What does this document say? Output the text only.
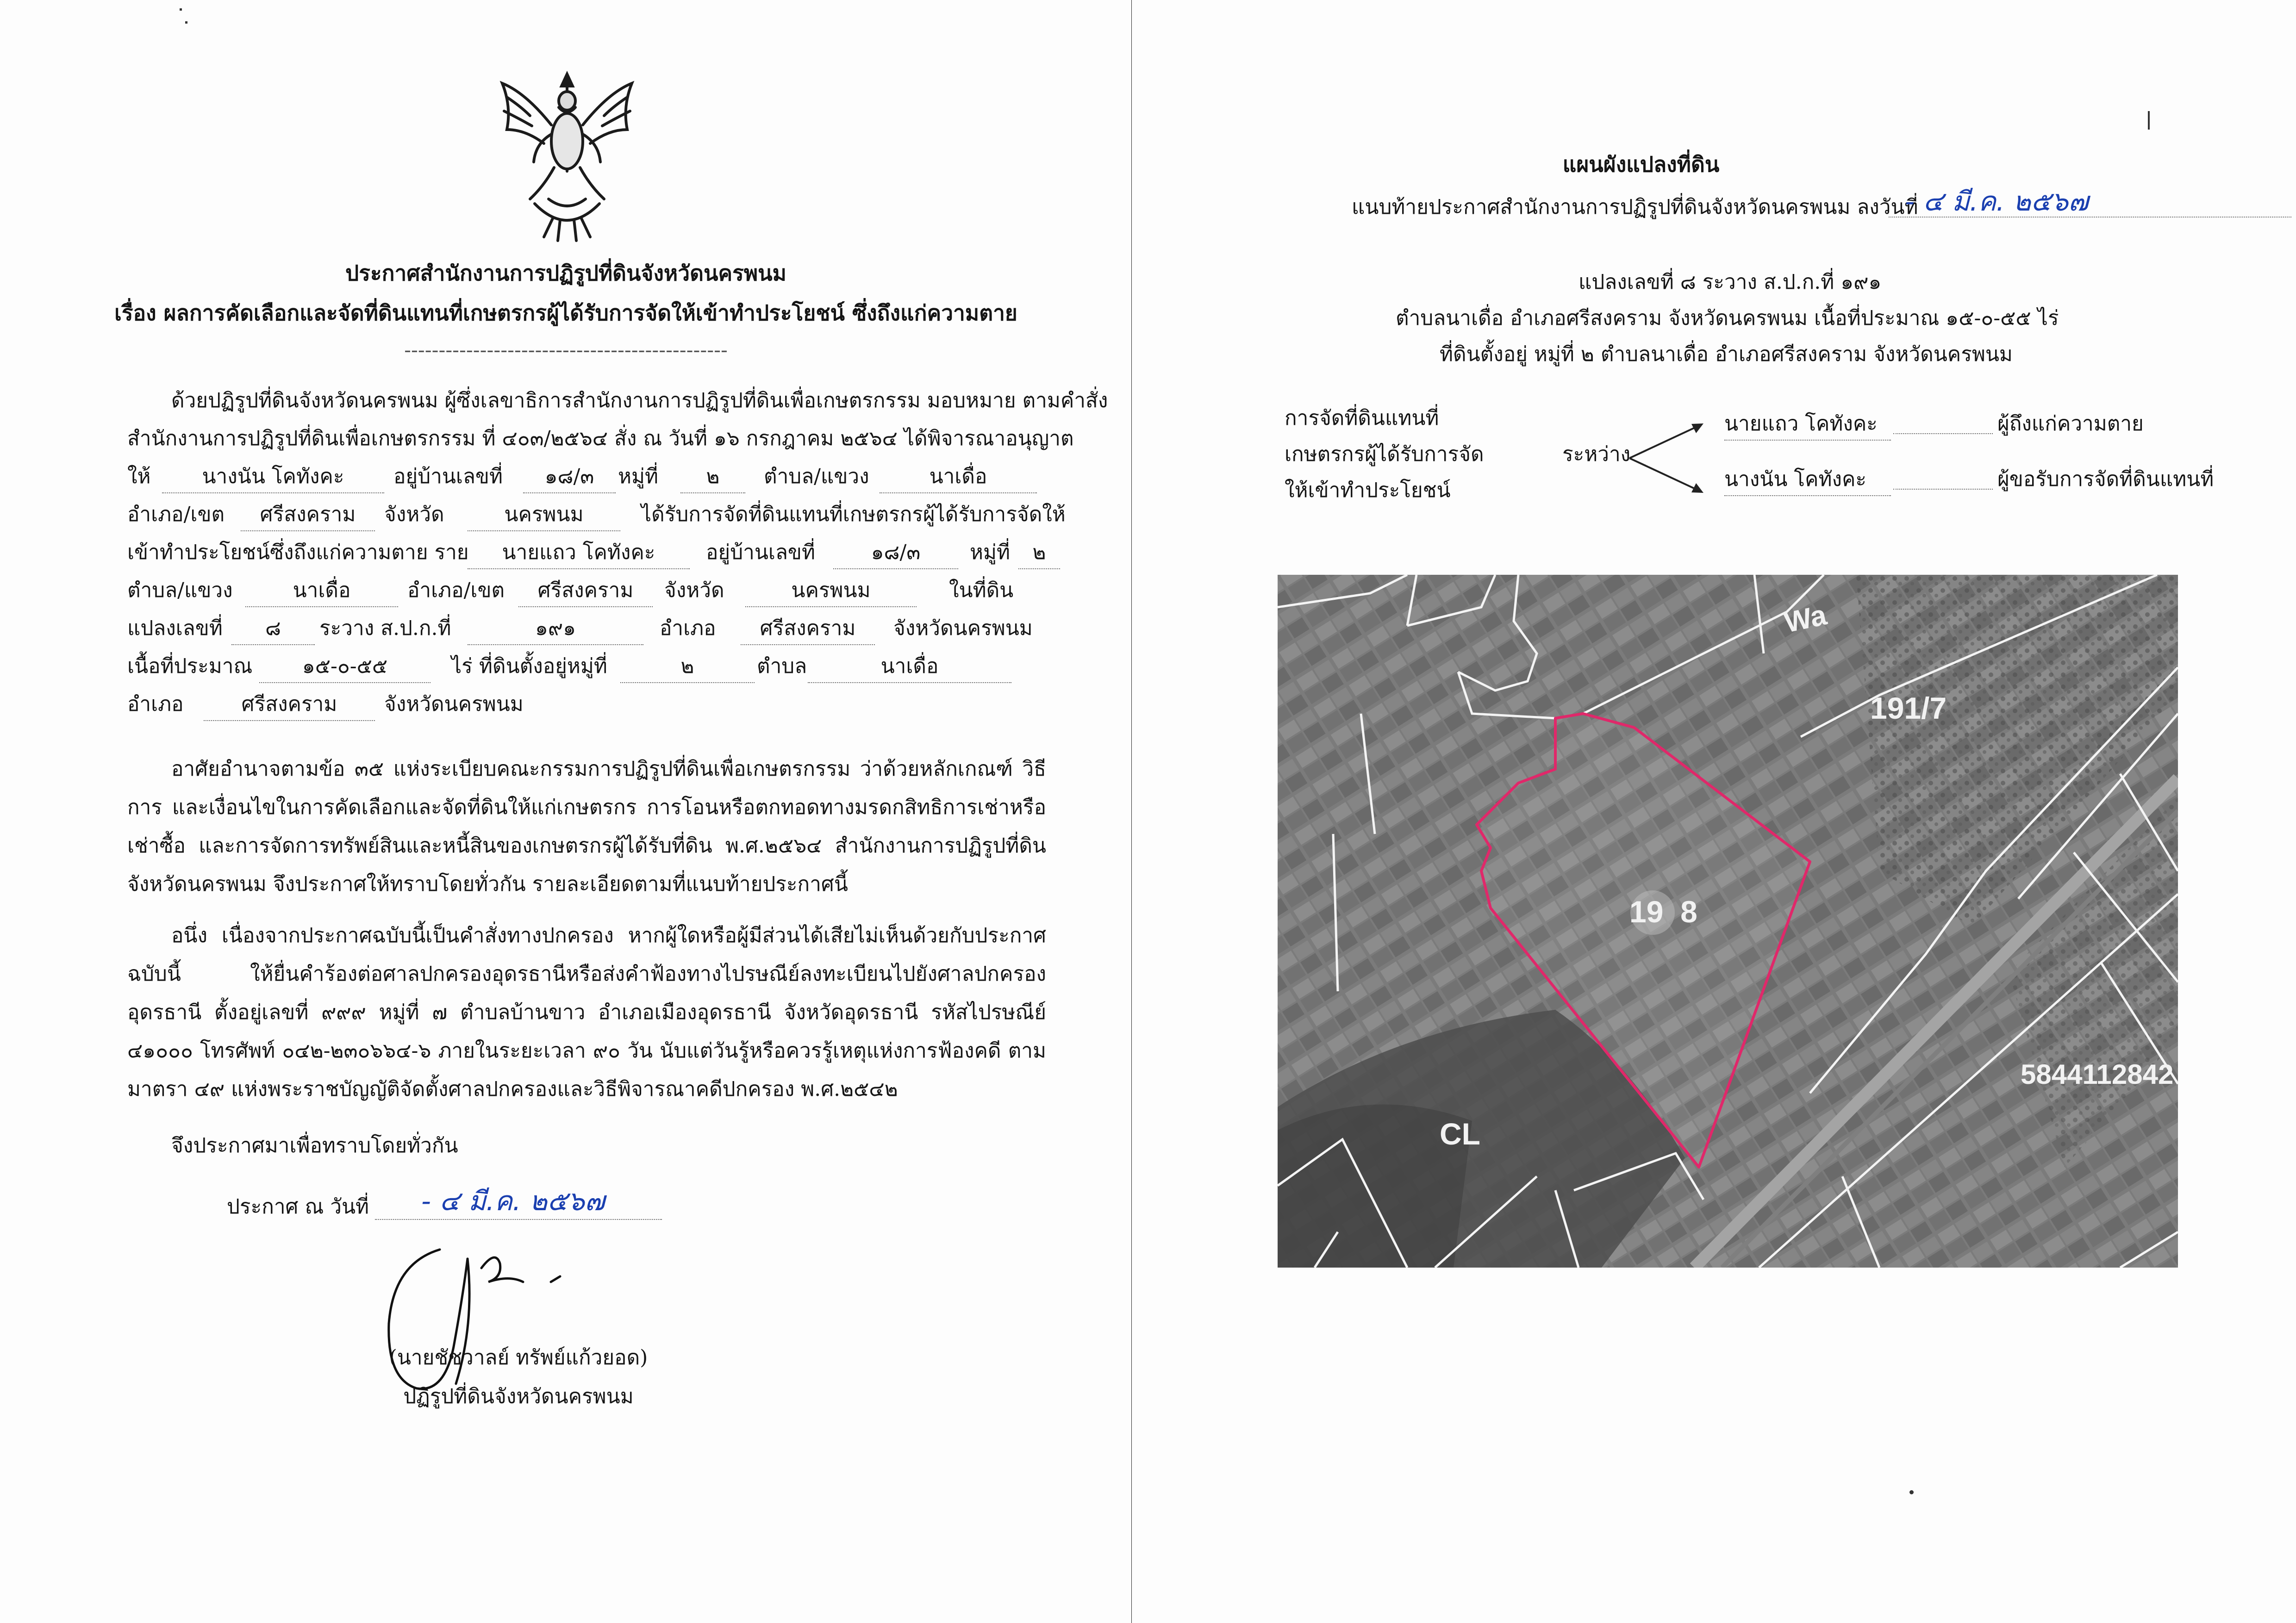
ประกาศสำนักงานการปฏิรูปที่ดินจังหวัดนครพนม
เรื่อง ผลการคัดเลือกและจัดที่ดินแทนที่เกษตรกรผู้ได้รับการจัดให้เข้าทำประโยชน์ ซึ่งถึงแก่ความตาย
-----------------------------------------------
ด้วยปฏิรูปที่ดินจังหวัดนครพนม ผู้ซึ่งเลขาธิการสำนักงานการปฏิรูปที่ดินเพื่อเกษตรกรรม มอบหมาย ตามคำสั่ง
สำนักงานการปฏิรูปที่ดินเพื่อเกษตรกรรม ที่ ๔๐๓/๒๕๖๔ สั่ง ณ วันที่ ๑๖ กรกฎาคม ๒๕๖๔ ได้พิจารณาอนุญาต
ให้	นางนัน โคทังคะ	อยู่บ้านเลขที่	๑๘/๓	หมู่ที่	๒	ตำบล/แขวง	นาเดื่อ
อำเภอ/เขต	ศรีสงคราม	จังหวัด	นครพนม	ได้รับการจัดที่ดินแทนที่เกษตรกรผู้ได้รับการจัดให้
เข้าทำประโยชน์ซึ่งถึงแก่ความตาย ราย	นายแถว โคทังคะ	อยู่บ้านเลขที่	๑๘/๓	หมู่ที่	๒
ตำบล/แขวง	นาเดื่อ	อำเภอ/เขต	ศรีสงคราม	จังหวัด	นครพนม	ในที่ดิน
แปลงเลขที่	๘	ระวาง ส.ป.ก.ที่	๑๙๑	อำเภอ	ศรีสงคราม	จังหวัดนครพนม
เนื้อที่ประมาณ	๑๕-๐-๕๕	ไร่ ที่ดินตั้งอยู่หมู่ที่	๒	ตำบล	นาเดื่อ
อำเภอ	ศรีสงคราม	จังหวัดนครพนม
อาศัยอำนาจตามข้อ ๓๕ แห่งระเบียบคณะกรรมการปฏิรูปที่ดินเพื่อเกษตรกรรม ว่าด้วยหลักเกณฑ์ วิธีการ และเงื่อนไขในการคัดเลือกและจัดที่ดินให้แก่เกษตรกร การโอนหรือตกทอดทางมรดกสิทธิการเช่าหรือเช่าซื้อ และการจัดการทรัพย์สินและหนี้สินของเกษตรกรผู้ได้รับที่ดิน พ.ศ.๒๕๖๔ สำนักงานการปฏิรูปที่ดินจังหวัดนครพนม จึงประกาศให้ทราบโดยทั่วกัน รายละเอียดตามที่แนบท้ายประกาศนี้
อนึ่ง เนื่องจากประกาศฉบับนี้เป็นคำสั่งทางปกครอง หากผู้ใดหรือผู้มีส่วนได้เสียไม่เห็นด้วยกับประกาศฉบับนี้ ให้ยื่นคำร้องต่อศาลปกครองอุดรธานีหรือส่งคำฟ้องทางไปรษณีย์ลงทะเบียนไปยังศาลปกครองอุดรธานี ตั้งอยู่เลขที่ ๙๙๙ หมู่ที่ ๗ ตำบลบ้านขาว อำเภอเมืองอุดรธานี จังหวัดอุดรธานี รหัสไปรษณีย์ ๔๑๐๐๐ โทรศัพท์ ๐๔๒-๒๓๐๖๖๔-๖ ภายในระยะเวลา ๙๐ วัน นับแต่วันรู้หรือควรรู้เหตุแห่งการฟ้องคดี ตามมาตรา ๔๙ แห่งพระราชบัญญัติจัดตั้งศาลปกครองและวิธีพิจารณาคดีปกครอง พ.ศ.๒๕๔๒
จึงประกาศมาเพื่อทราบโดยทั่วกัน
ประกาศ ณ วันที่ - ๔ มี.ค. ๒๕๖๗
(นายชัชวาลย์ ทรัพย์แก้วยอด)
ปฏิรูปที่ดินจังหวัดนครพนม
แผนผังแปลงที่ดิน
แนบท้ายประกาศสำนักงานการปฏิรูปที่ดินจังหวัดนครพนม ลงวันที่
- ๔ มี.ค. ๒๕๖๗
แปลงเลขที่ ๘ ระวาง ส.ป.ก.ที่ ๑๙๑
ตำบลนาเดื่อ อำเภอศรีสงคราม จังหวัดนครพนม เนื้อที่ประมาณ ๑๕-๐-๕๕ ไร่
ที่ดินตั้งอยู่ หมู่ที่ ๒ ตำบลนาเดื่อ อำเภอศรีสงคราม จังหวัดนครพนม
การจัดที่ดินแทนที่
เกษตรกรผู้ได้รับการจัด
ให้เข้าทำประโยชน์
ระหว่าง
นายแถว โคทังคะ	ผู้ถึงแก่ความตาย
นางนัน โคทังคะ	ผู้ขอรับการจัดที่ดินแทนที่
Wa
191/7
19  8
5844112842
CL
